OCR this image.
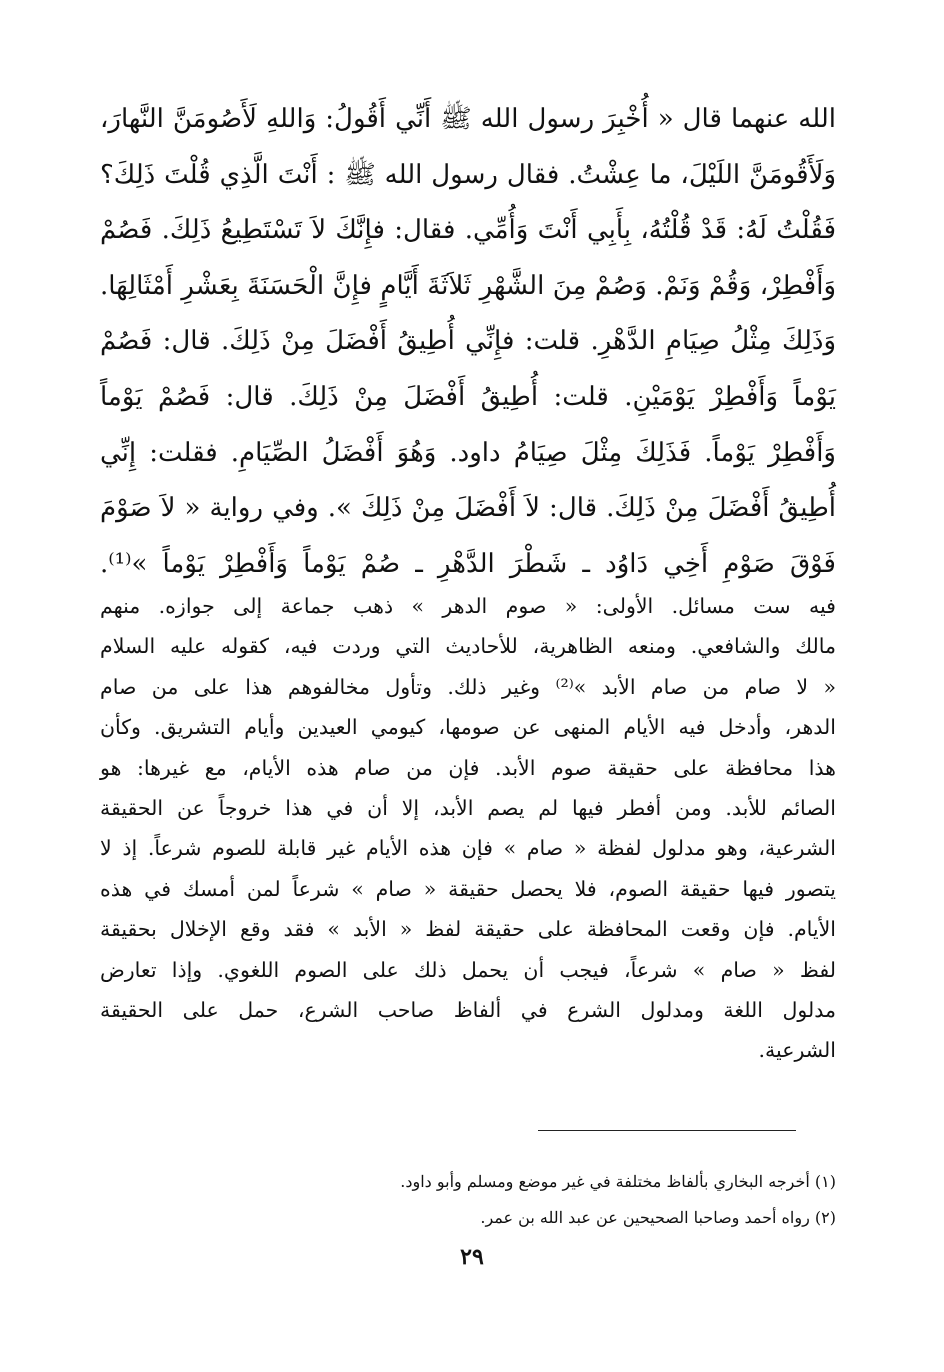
الله عنهما قال « أُخْبِرَ رسول الله ﷺ أَنِّي أَقُولُ: وَاللهِ لَأَصُومَنَّ النَّهارَ،
وَلَأَقُومَنَّ اللَيْلَ، ما عِشْتُ. فقال رسول الله ﷺ : أَنْتَ الَّذِي قُلْتَ ذَلِكَ؟
فَقُلْتُ لَهُ: قَدْ قُلْتُهُ، بِأَبِي أَنْتَ وَأُمِّي. فقال: فإِنَّكَ لاَ تَسْتَطِيعُ ذَلِكَ. فَصُمْ
وَأَفْطِرْ، وَقُمْ وَنَمْ. وَصُمْ مِنَ الشَّهْرِ ثَلاَثَةَ أَيَّامٍ فإِنَّ الْحَسَنَةَ بِعَشْرِ أَمْثَالِهَا.
وَذَلِكَ مِثْلُ صِيَامِ الدَّهْرِ. قلت: فإِنِّي أُطِيقُ أَفْضَلَ مِنْ ذَلِكَ. قال: فَصُمْ
يَوْماً وَأَفْطِرْ يَوْمَيْنِ. قلت: أُطِيقُ أَفْضَلَ مِنْ ذَلِكَ. قال: فَصُمْ يَوْماً
وَأَفْطِرْ يَوْماً. فَذَلِكَ مِثْلَ صِيَامُ داود. وَهُوَ أَفْضَلُ الصِّيَامِ. فقلت: إِنِّي
أُطِيقُ أَفْضَلَ مِنْ ذَلِكَ. قال: لاَ أَفْضَلَ مِنْ ذَلِكَ ». وفي رواية « لاَ صَوْمَ
فَوْقَ صَوْمِ أَخِي دَاوُد ـ شَطْرَ الدَّهْرِ ـ صُمْ يَوْماً وَأَفْطِرْ يَوْماً »⁽¹⁾.
فيه ست مسائل. الأولى: « صوم الدهر » ذهب جماعة إلى جوازه. منهم
مالك والشافعي. ومنعه الظاهرية، للأحاديث التي وردت فيه، كقوله عليه السلام
« لا صام من صام الأبد »⁽²⁾ وغير ذلك. وتأول مخالفوهم هذا على من صام
الدهر، وأدخل فيه الأيام المنهى عن صومها، كيومي العيدين وأيام التشريق. وكأن
هذا محافظة على حقيقة صوم الأبد. فإن من صام هذه الأيام، مع غيرها: هو
الصائم للأبد. ومن أفطر فيها لم يصم الأبد، إلا أن في هذا خروجاً عن الحقيقة
الشرعية، وهو مدلول لفظة « صام » فإن هذه الأيام غير قابلة للصوم شرعاً. إذ لا
يتصور فيها حقيقة الصوم، فلا يحصل حقيقة « صام » شرعاً لمن أمسك في هذه
الأيام. فإن وقعت المحافظة على حقيقة لفظ « الأبد » فقد وقع الإخلال بحقيقة
لفظ « صام » شرعاً، فيجب أن يحمل ذلك على الصوم اللغوي. وإذا تعارض
مدلول اللغة ومدلول الشرع في ألفاظ صاحب الشرع، حمل على الحقيقة
الشرعية.
(١) أخرجه البخاري بألفاظ مختلفة في غير موضع ومسلم وأبو داود.
(٢) رواه أحمد وصاحبا الصحيحين عن عبد الله بن عمر.
٢٩
